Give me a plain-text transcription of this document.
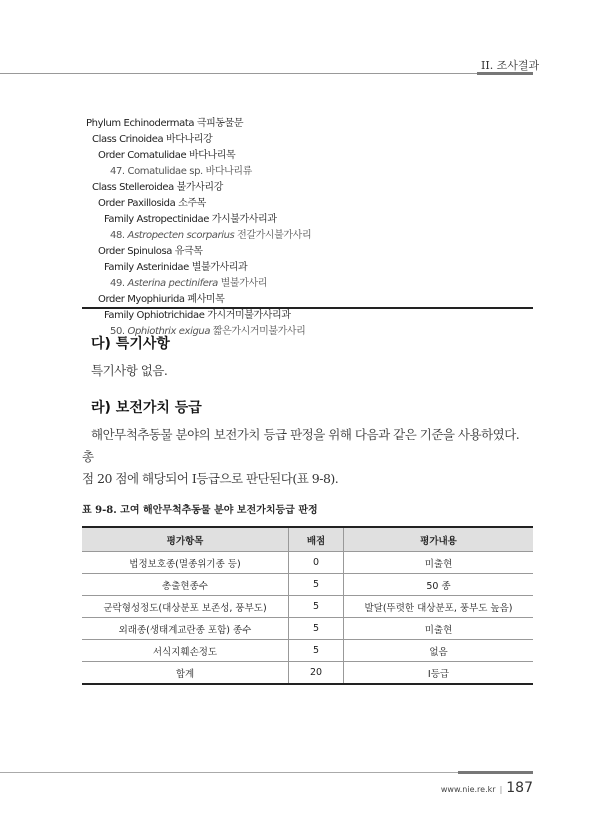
II. 조사결과
Phylum Echinodermata 극피동물문
Class Crinoidea 바다나리강
Order Comatulidae 바다나리목
47. Comatulidae sp. 바다나리류
Class Stelleroidea 불가사리강
Order Paxillosida 소주목
Family Astropectinidae 가시불가사리과
48. Astropecten scorparius 전갈가시불가사리
Order Spinulosa 유극목
Family Asterinidae 별불가사리과
49. Asterina pectinifera 별불가사리
Order Myophiurida 폐사미목
Family Ophiotrichidae 가시거미불가사리과
50. Ophiothrix exigua 짧은가시거미불가사리
다) 특기사항
특기사항 없음.
라) 보전가치 등급
해안무척추동물 분야의 보전가치 등급 판정을 위해 다음과 같은 기준을 사용하였다. 총
점 20 점에 해당되어 Ⅰ등급으로 판단된다(표 9-8).
표 9-8. 고여 해안무척추동물 분야 보전가치등급 판정
평가항목	배점	평가내용
법정보호종(멸종위기종 등)	0	미출현
총출현종수	5	50 종
군락형성정도(대상분포 보존성, 풍부도)	5	발달(뚜렷한 대상분포, 풍부도 높음)
외래종(생태계교란종 포함) 종수	5	미출현
서식지훼손정도	5	없음
합계	20	Ⅰ등급
www.nie.re.kr | 187
